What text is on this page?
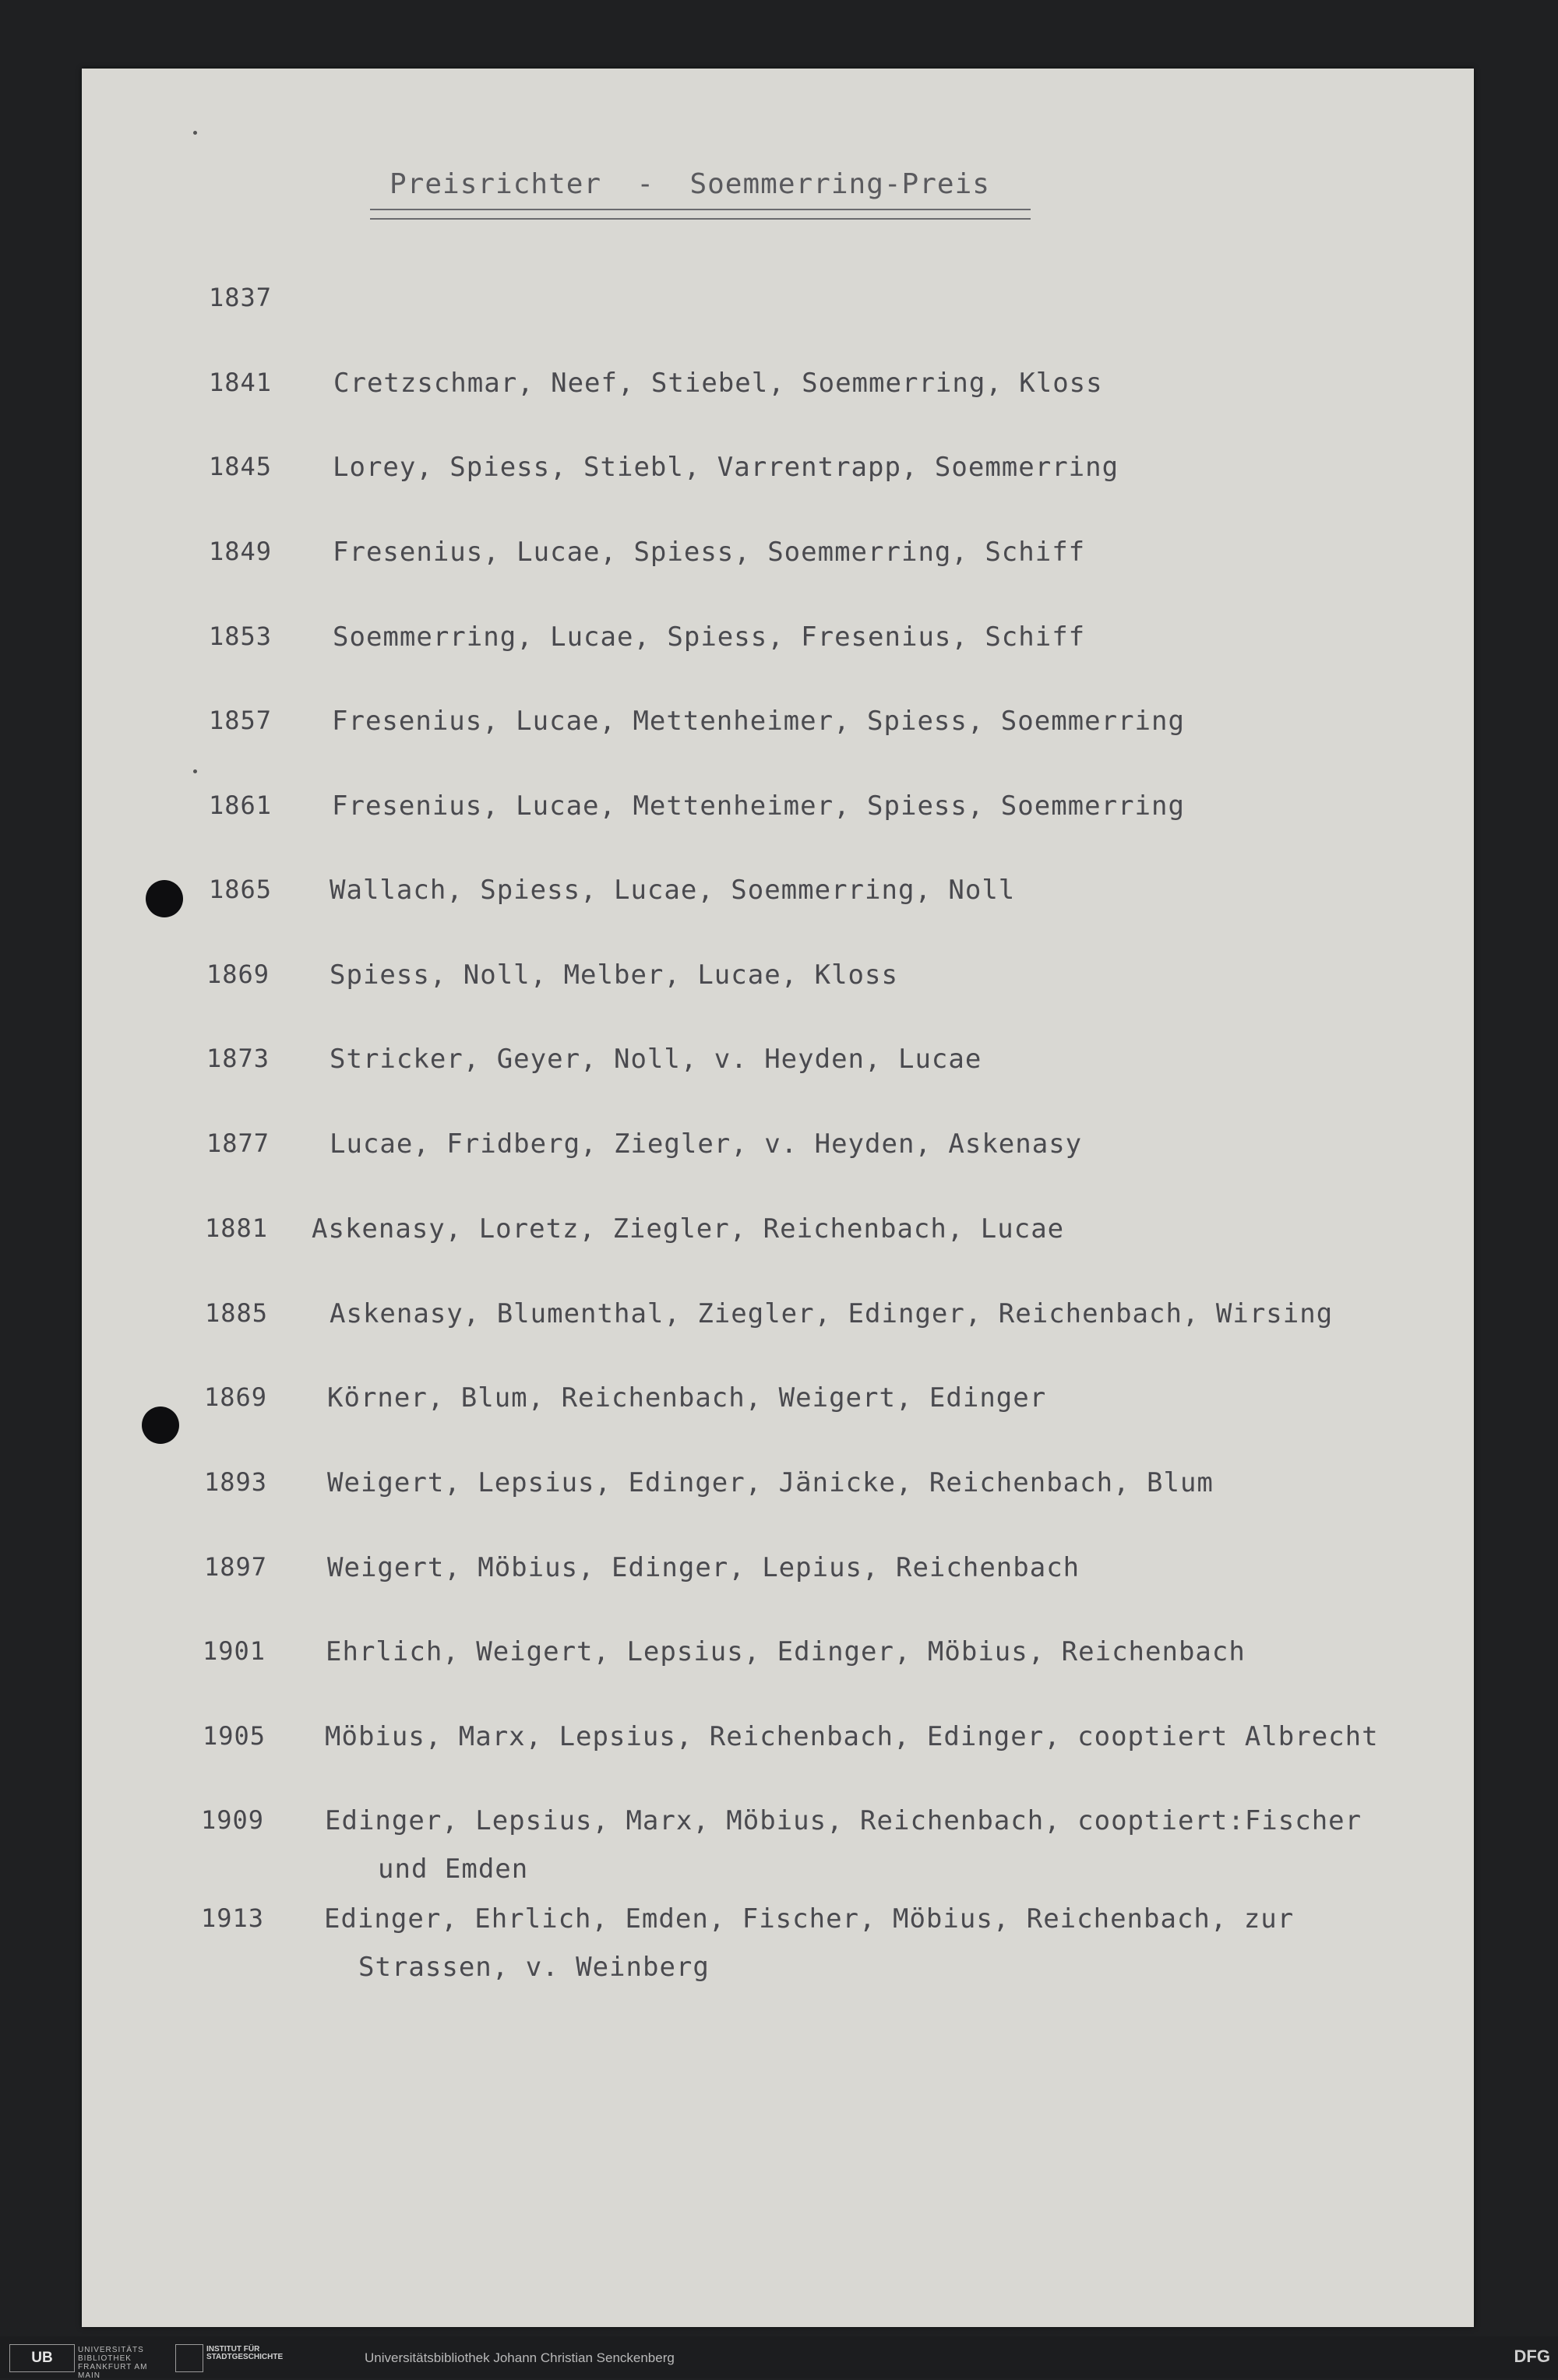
Preisrichter  -  Soemmerring-Preis
1837
1841 Cretzschmar, Neef, Stiebel, Soemmerring, Kloss
1845 Lorey, Spiess, Stiebl, Varrentrapp, Soemmerring
1849 Fresenius, Lucae, Spiess, Soemmerring, Schiff
1853 Soemmerring, Lucae, Spiess, Fresenius, Schiff
1857 Fresenius, Lucae, Mettenheimer, Spiess, Soemmerring
1861 Fresenius, Lucae, Mettenheimer, Spiess, Soemmerring
1865 Wallach, Spiess, Lucae, Soemmerring, Noll
1869 Spiess, Noll, Melber, Lucae, Kloss
1873 Stricker, Geyer, Noll, v. Heyden, Lucae
1877 Lucae, Fridberg, Ziegler, v. Heyden, Askenasy
1881 Askenasy, Loretz, Ziegler, Reichenbach, Lucae
1885 Askenasy, Blumenthal, Ziegler, Edinger, Reichenbach, Wirsing
1869 Körner, Blum, Reichenbach, Weigert, Edinger
1893 Weigert, Lepsius, Edinger, Jänicke, Reichenbach, Blum
1897 Weigert, Möbius, Edinger, Lepius, Reichenbach
1901 Ehrlich, Weigert, Lepsius, Edinger, Möbius, Reichenbach
1905 Möbius, Marx, Lepsius, Reichenbach, Edinger, cooptiert Albrecht
1909 Edinger, Lepsius, Marx, Möbius, Reichenbach, cooptiert:Fischer
und Emden
1913 Edinger, Ehrlich, Emden, Fischer, Möbius, Reichenbach, zur
Strassen, v. Weinberg
UB	UNIVERSITÄTS BIBLIOTHEK FRANKFURT AM MAIN
INSTITUT FÜR STADTGESCHICHTE	Universitätsbibliothek Johann Christian Senckenberg	DFG
